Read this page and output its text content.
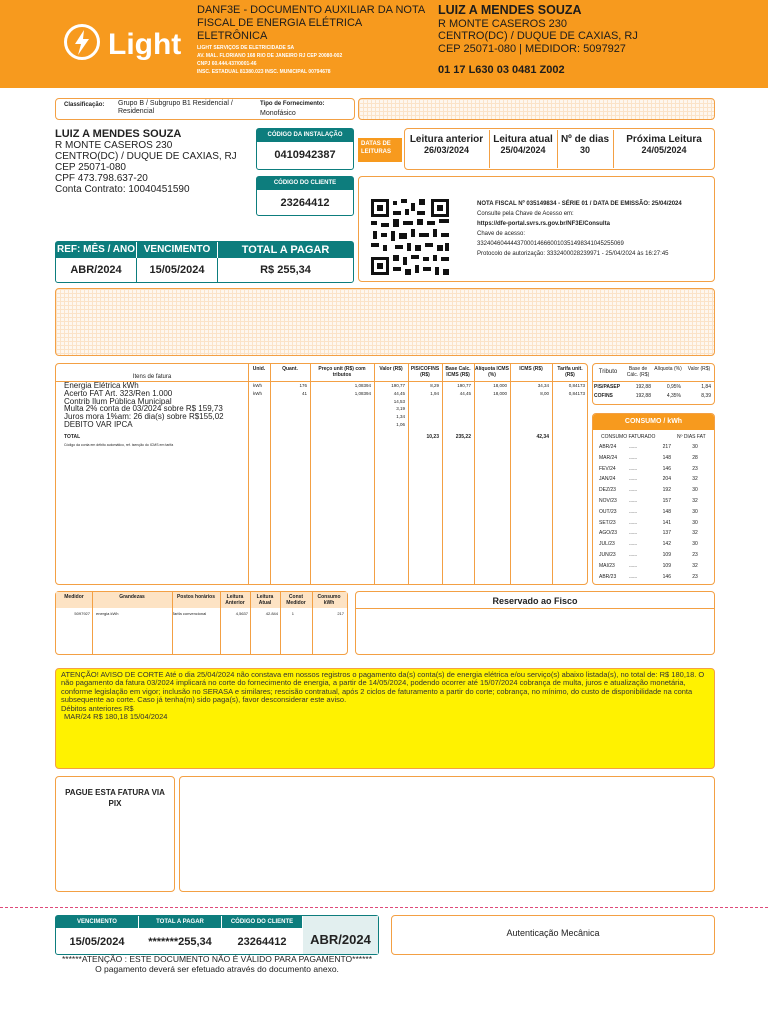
Light
DANF3E - DOCUMENTO AUXILIAR DA NOTA FISCAL DE ENERGIA ELÉTRICA ELETRÔNICA
LIGHT SERVIÇOS DE ELETRICIDADE SA
AV. MAL. FLORIANO 168 RIO DE JANEIRO RJ CEP 20080-002
CNPJ 60.444.437/0001-46
INSC. ESTADUAL 81380.023 INSC. MUNICIPAL 00794678
LUIZ A MENDES SOUZA
R MONTE CASEROS 230
CENTRO(DC) / DUQUE DE CAXIAS, RJ
CEP 25071-080 | MEDIDOR: 5097927
01 17 L630 03 0481 Z002
Classificação: Grupo B / Subgrupo B1 Residencial / Residencial
Tipo de Fornecimento:
Monofásico
LUIZ A MENDES SOUZA
R MONTE CASEROS 230
CENTRO(DC) / DUQUE DE CAXIAS, RJ
CEP 25071-080
CPF 473.798.637-20
Conta Contrato: 10040451590
CÓDIGO DA INSTALAÇÃO
0410942387
CÓDIGO DO CLIENTE
23264412
DATAS DE LEITURAS
Leitura anterior
26/03/2024
Leitura atual
25/04/2024
Nº de dias
30
Próxima Leitura
24/05/2024
NOTA FISCAL Nº 035149834 - SÉRIE 01 / DATA DE EMISSÃO: 25/04/2024
Consulte pela Chave de Acesso em:
https://dfe-portal.svrs.rs.gov.br/NF3E/Consulta
Chave de acesso:
33240460444437000146660010351498341045255069
Protocolo de autorização: 3332400028239971 - 25/04/2024 às 16:27:45
REF: MÊS / ANO VENCIMENTO	TOTAL A PAGAR
ABR/2024	15/05/2024	R$ 255,34
Itens de fatura
Unid.	Quant.	Preço unit (R$) com tributos
Valor (R$)	PIS/COFINS (R$)
Base Calc. ICMS (R$)
Alíquota ICMS (%)
ICMS (R$)	Tarifa unit. (R$)
Energia Elétrica kWh	kWh	176	1,08394	190,77	8,29	190,77	18,000	34,34	0,84173
Acerto FAT Art. 323/Ren 1.000	kWh	41	1,08394	44,45	1,94	44,45	18,000	8,00	0,84173
Contrib Ilum Pública Municipal	14,53
Multa 2% conta de 03/2024 sobre R$ 159,73	3,19
Juros mora 1%am: 26 dia(s) sobre R$155,02	1,34
DÉBITO VAR IPCA	1,06
TOTAL	10,23	235,22	42,34
Código da conta em débito automático, ref. isenção do ICMS em tarifa
Tributo	Base de Cálc. (R$)
Alíquota (%)	Valor (R$)
PIS/PASEP	192,88	0,95%	1,84
COFINS	192,88	4,35%	8,39
CONSUMO / kWh
CONSUMO FATURADO	Nº DIAS FAT
ABR/24	------	217	30
MAR/24	------	148	28
FEV/24	------	146	23
JAN/24	------	204	32
DEZ/23	------	192	30
NOV/23	------	157	32
OUT/23	------	148	30
SET/23	------	141	30
AGO/23	------	137	32
JUL/23	------	142	30
JUN/23	------	109	23
MAI/23	------	109	32
ABR/23	------	146	23
Medidor	Grandezas	Postos horários	Leitura Anterior
Leitura Atual
Const Medidor
Consumo kWh
5097927	energia kWh	Tarifa convencional	4,5637	42.844	1	217
Reservado ao Fisco
ATENÇÃO! AVISO DE CORTE Até o dia 25/04/2024 não constava em nossos registros o pagamento da(s) conta(s) de energia elétrica e/ou serviço(s) abaixo listada(s), no total de: R$ 180,18. O não pagamento da fatura 03/2024 implicará no corte do fornecimento de energia, a partir de 14/05/2024, podendo ocorrer até 15/07/2024 cobrança de multa, juros e atualização monetária, conforme legislação em vigor; inclusão no SERASA e similares; rescisão contratual, após 2 ciclos de faturamento a partir do corte; cobrança, no mínimo, do custo de disponibilidade na conta subsequente ao corte. Caso já tenha(m) sido paga(s), favor desconsiderar este aviso.
Débitos anteriores R$
MAR/24 R$ 180,18 15/04/2024
PAGUE ESTA FATURA VIA PIX
VENCIMENTO	TOTAL A PAGAR	CÓDIGO DO CLIENTE
15/05/2024	*******255,34	23264412	ABR/2024	Autenticação Mecânica
******ATENÇÃO : ESTE DOCUMENTO NÃO É VÁLIDO PARA PAGAMENTO******
O pagamento deverá ser efetuado através do documento anexo.
